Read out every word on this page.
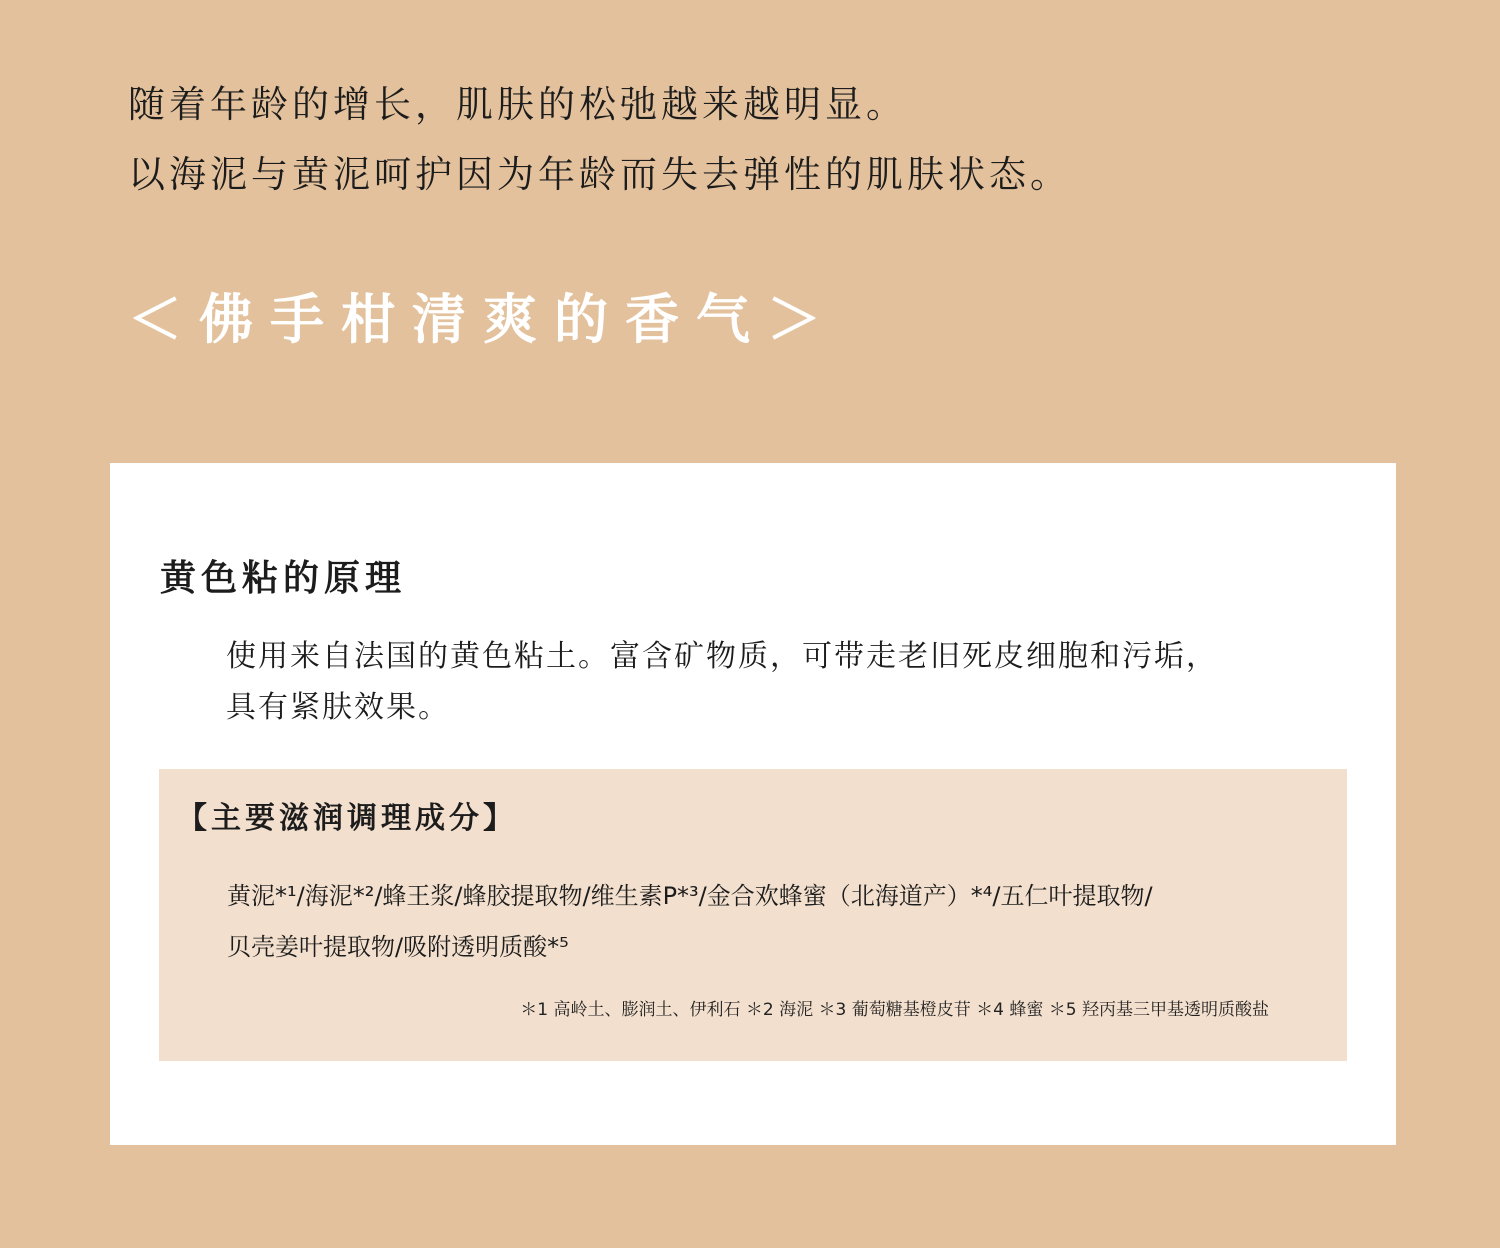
随着年龄的增长，肌肤的松弛越来越明显。
以海泥与黄泥呵护因为年龄而失去弹性的肌肤状态。
＜佛手柑清爽的香气＞
黄色粘的原理
使用来自法国的黄色粘土。富含矿物质，可带走老旧死皮细胞和污垢，
具有紧肤效果。
【主要滋润调理成分】
黄泥*¹/海泥*²/蜂王浆/蜂胶提取物/维生素P*³/金合欢蜂蜜（北海道产）*⁴/五仁叶提取物/
贝壳姜叶提取物/吸附透明质酸*⁵
＊1 高岭土、膨润土、伊利石 ＊2 海泥 ＊3 葡萄糖基橙皮苷 ＊4 蜂蜜 ＊5 羟丙基三甲基透明质酸盐
